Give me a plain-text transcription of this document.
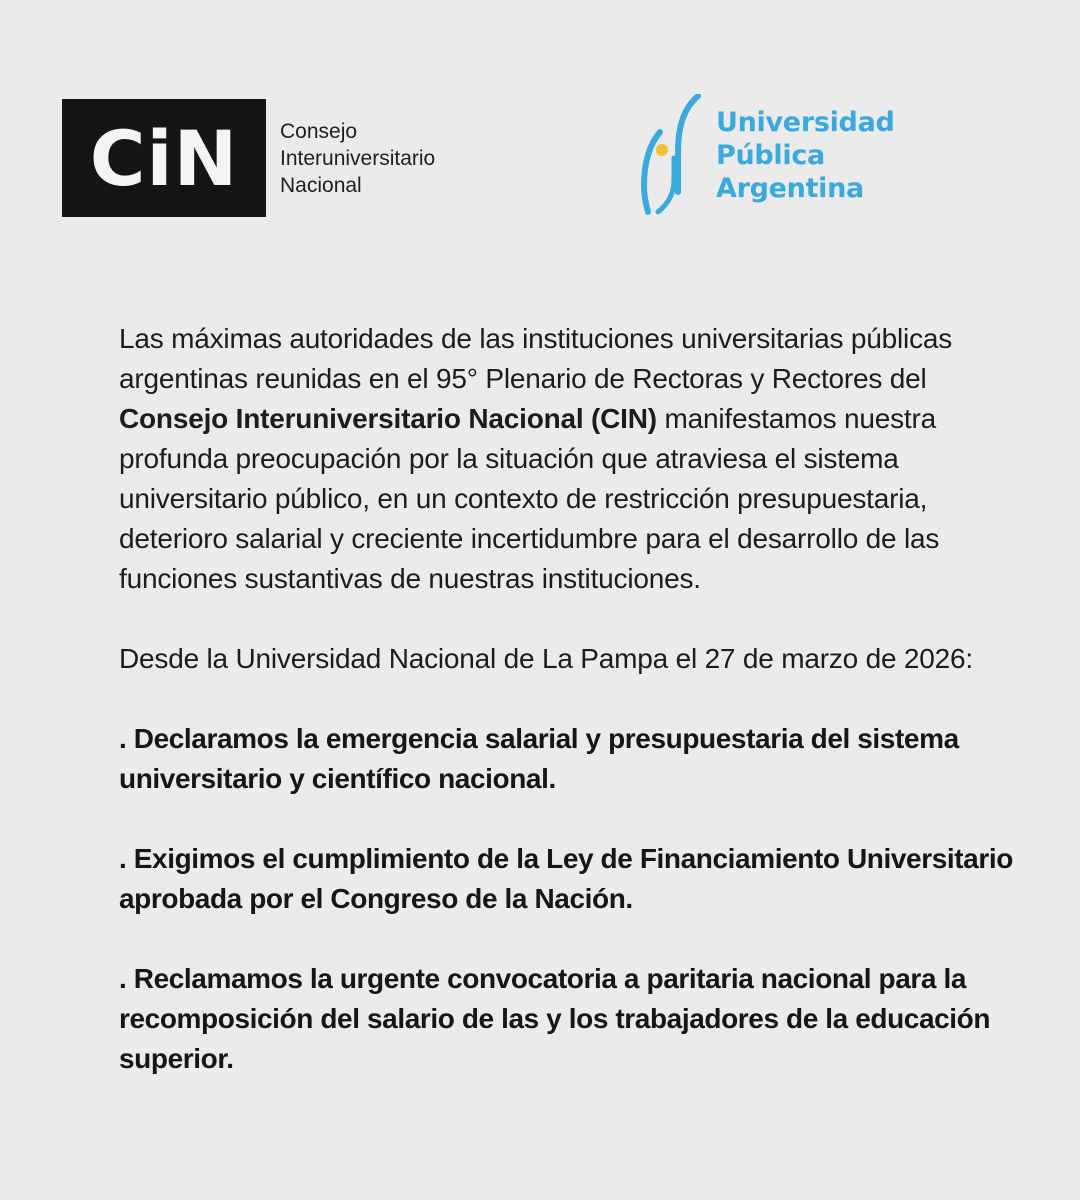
CiN Consejo
Interuniversitario
Nacional
Universidad
Pública
Argentina

Las máximas autoridades de las instituciones universitarias públicas argentinas reunidas en el 95° Plenario de Rectoras y Rectores del Consejo Interuniversitario Nacional (CIN) manifestamos nuestra profunda preocupación por la situación que atraviesa el sistema universitario público, en un contexto de restricción presupuestaria, deterioro salarial y creciente incertidumbre para el desarrollo de las funciones sustantivas de nuestras instituciones.

Desde la Universidad Nacional de La Pampa el 27 de marzo de 2026:

. Declaramos la emergencia salarial y presupuestaria del sistema universitario y científico nacional.
. Exigimos el cumplimiento de la Ley de Financiamiento Universitario aprobada por el Congreso de la Nación.
. Reclamamos la urgente convocatoria a paritaria nacional para la recomposición del salario de las y los trabajadores de la educación superior.
